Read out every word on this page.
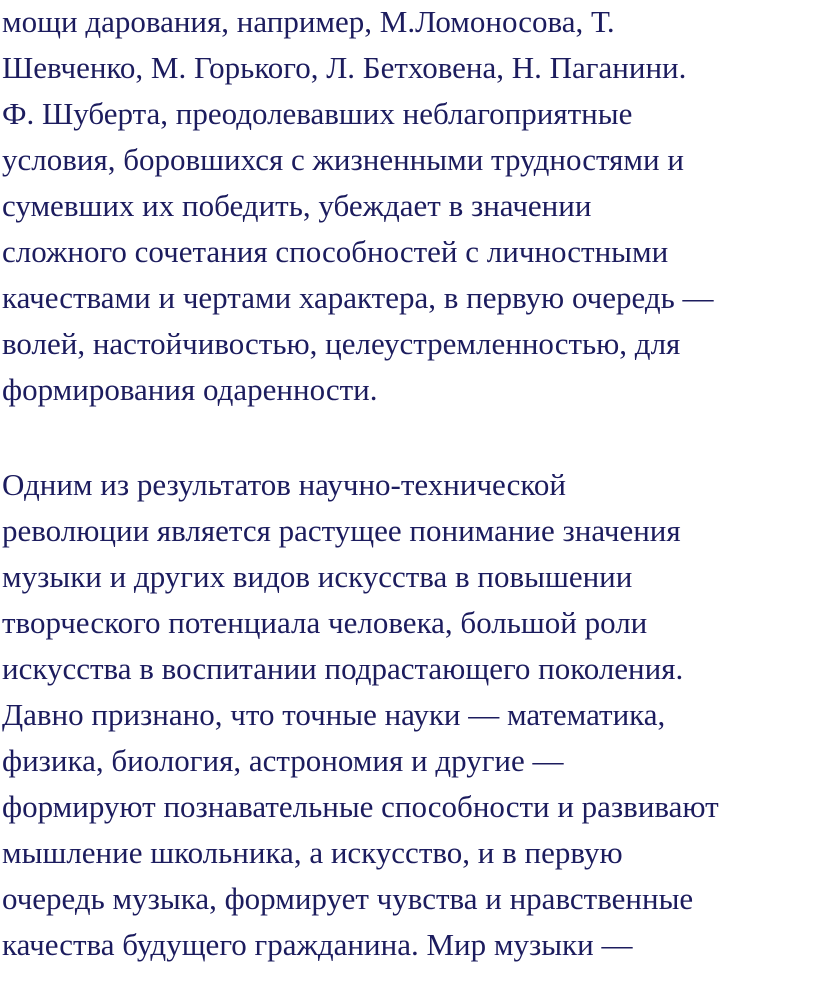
мощи дарования, например, М.Ломоносова, Т.
Шевченко, М. Горького, Л. Бетховена, Н. Паганини.
Ф. Шуберта, преодолевавших неблагоприятные
условия, боровшихся с жизненными трудностями и
сумевших их победить, убеждает в значении
сложного сочетания способностей с личностными
качествами и чертами характера, в первую очередь —
волей, настойчивостью, целеустремленностью, для
формирования одаренности.
Одним из результатов научно-технической
революции является растущее понимание значения
музыки и других видов искусства в повышении
творческого потенциала человека, большой роли
искусства в воспитании подрастающего поколения.
Давно признано, что точные науки — математика,
физика, биология, астрономия и другие —
формируют познавательные способности и развивают
мышление школьника, а искусство, и в первую
очередь музыка, формирует чувства и нравственные
качества будущего гражданина. Мир музыки —
